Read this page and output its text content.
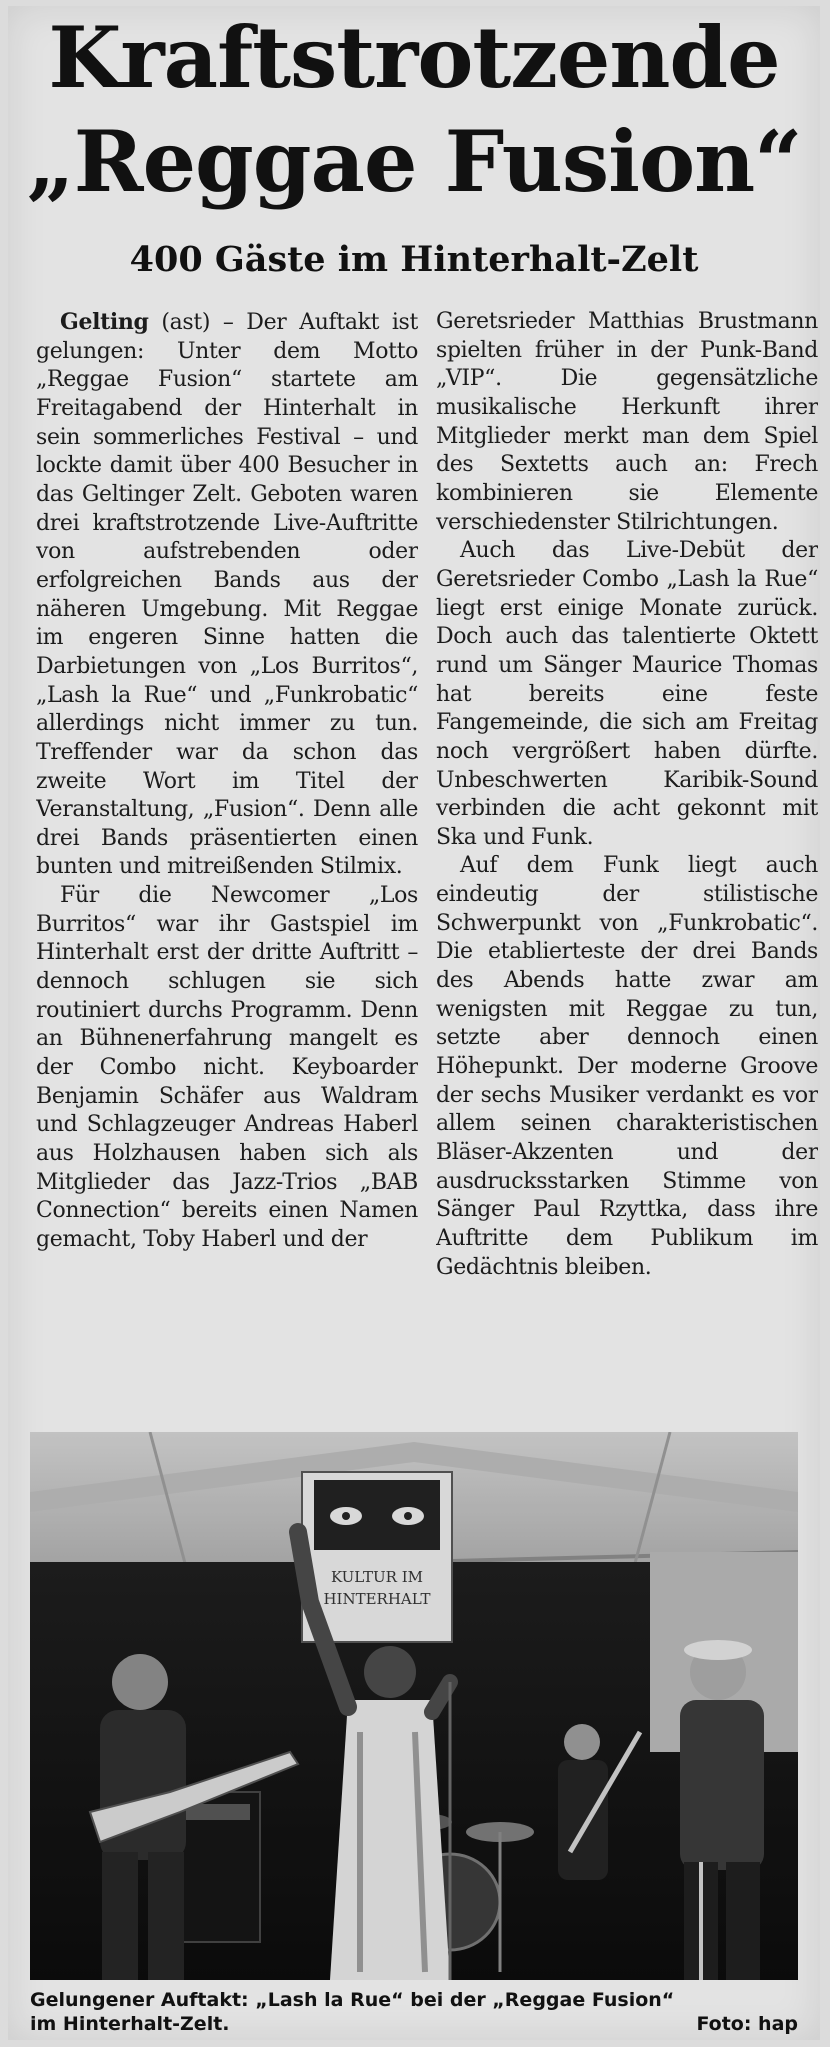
Kraftstrotzende
„Reggae Fusion“
400 Gäste im Hinterhalt-Zelt

Gelting (ast) – Der Auftakt ist gelungen: Unter dem Motto „Reggae Fusion“ startete am Freitagabend der Hinterhalt in sein sommerliches Festival – und lockte damit über 400 Besucher in das Geltinger Zelt. Geboten waren drei kraftstrotzende Live-Auftritte von aufstrebenden oder erfolgreichen Bands aus der näheren Umgebung. Mit Reggae im engeren Sinne hatten die Darbietungen von „Los Burritos“, „Lash la Rue“ und „Funkrobatic“ allerdings nicht immer zu tun. Treffender war da schon das zweite Wort im Titel der Veranstaltung, „Fusion“. Denn alle drei Bands präsentierten einen bunten und mitreißenden Stilmix.

Für die Newcomer „Los Burritos“ war ihr Gastspiel im Hinterhalt erst der dritte Auftritt – dennoch schlugen sie sich routiniert durchs Programm. Denn an Bühnenerfahrung mangelt es der Combo nicht. Keyboarder Benjamin Schäfer aus Waldram und Schlagzeuger Andreas Haberl aus Holzhausen haben sich als Mitglieder das Jazz-Trios „BAB Connection“ bereits einen Namen gemacht, Toby Haberl und der

Geretsrieder Matthias Brustmann spielten früher in der Punk-Band „VIP“. Die gegensätzliche musikalische Herkunft ihrer Mitglieder merkt man dem Spiel des Sextetts auch an: Frech kombinieren sie Elemente verschiedenster Stilrichtungen.

Auch das Live-Debüt der Geretsrieder Combo „Lash la Rue“ liegt erst einige Monate zurück. Doch auch das talentierte Oktett rund um Sänger Maurice Thomas hat bereits eine feste Fangemeinde, die sich am Freitag noch vergrößert haben dürfte. Unbeschwerten Karibik-Sound verbinden die acht gekonnt mit Ska und Funk.

Auf dem Funk liegt auch eindeutig der stilistische Schwerpunkt von „Funkrobatic“. Die etablierteste der drei Bands des Abends hatte zwar am wenigsten mit Reggae zu tun, setzte aber dennoch einen Höhepunkt. Der moderne Groove der sechs Musiker verdankt es vor allem seinen charakteristischen Bläser-Akzenten und der ausdrucksstarken Stimme von Sänger Paul Rzyttka, dass ihre Auftritte dem Publikum im Gedächtnis bleiben.

KULTUR IM
HINTERHALT
Gelungener Auftakt: „Lash la Rue“ bei der „Reggae Fusion“
im Hinterhalt-Zelt.	Foto: hap
